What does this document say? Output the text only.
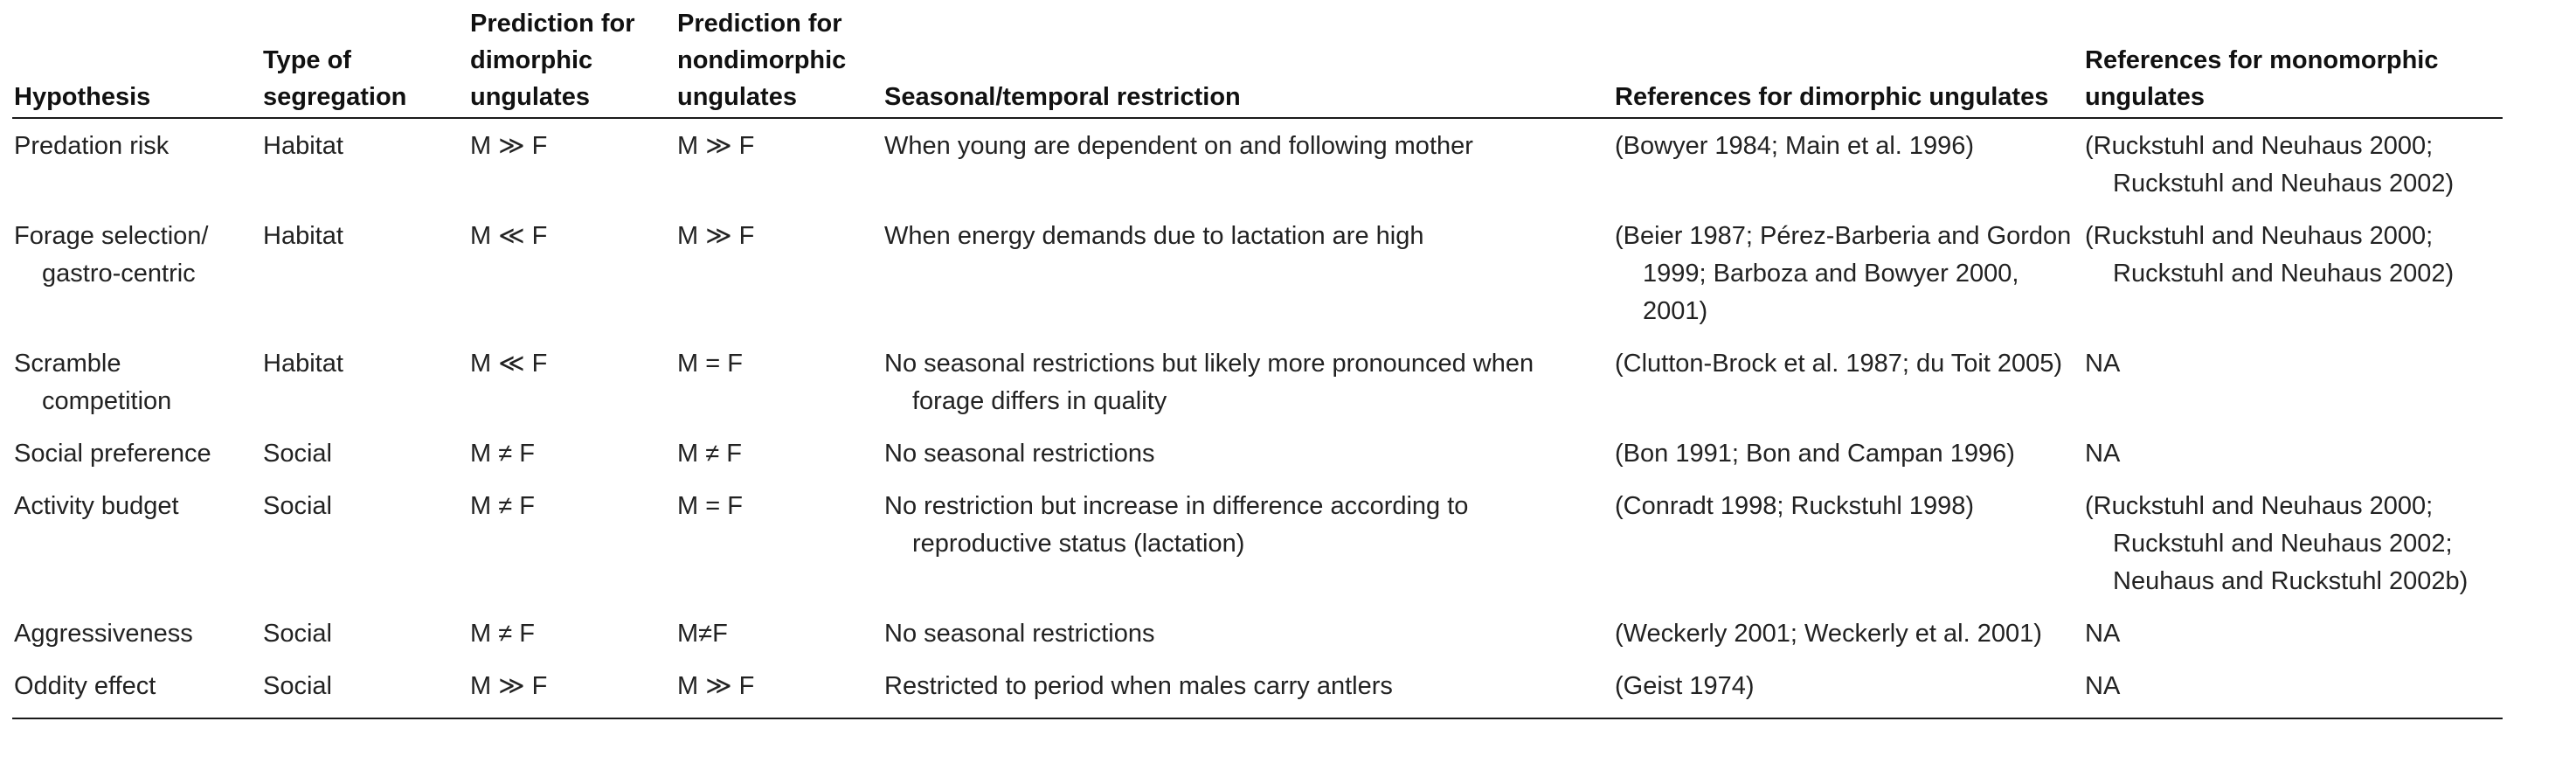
Hypothesis	Type of segregation	Prediction for dimorphic ungulates	Prediction for nondimorphic ungulates	Seasonal/temporal restriction	References for dimorphic ungulates	References for monomorphic ungulates
Predation risk	Habitat	M ≫ F	M ≫ F	When young are dependent on and following mother	(Bowyer 1984; Main et al. 1996)	(Ruckstuhl and Neuhaus 2000; Ruckstuhl and Neuhaus 2002)
Forage selection/ gastro-centric	Habitat	M ≪ F	M ≫ F	When energy demands due to lactation are high	(Beier 1987; Pérez-Barberia and Gordon 1999; Barboza and Bowyer 2000, 2001)	(Ruckstuhl and Neuhaus 2000; Ruckstuhl and Neuhaus 2002)
Scramble competition	Habitat	M ≪ F	M = F	No seasonal restrictions but likely more pronounced when forage differs in quality	(Clutton-Brock et al. 1987; du Toit 2005)	NA
Social preference	Social	M ≠ F	M ≠ F	No seasonal restrictions	(Bon 1991; Bon and Campan 1996)	NA
Activity budget	Social	M ≠ F	M = F	No restriction but increase in difference according to reproductive status (lactation)	(Conradt 1998; Ruckstuhl 1998)	(Ruckstuhl and Neuhaus 2000; Ruckstuhl and Neuhaus 2002; Neuhaus and Ruckstuhl 2002b)
Aggressiveness	Social	M ≠ F	M≠F	No seasonal restrictions	(Weckerly 2001; Weckerly et al. 2001)	NA
Oddity effect	Social	M ≫ F	M ≫ F	Restricted to period when males carry antlers	(Geist 1974)	NA
